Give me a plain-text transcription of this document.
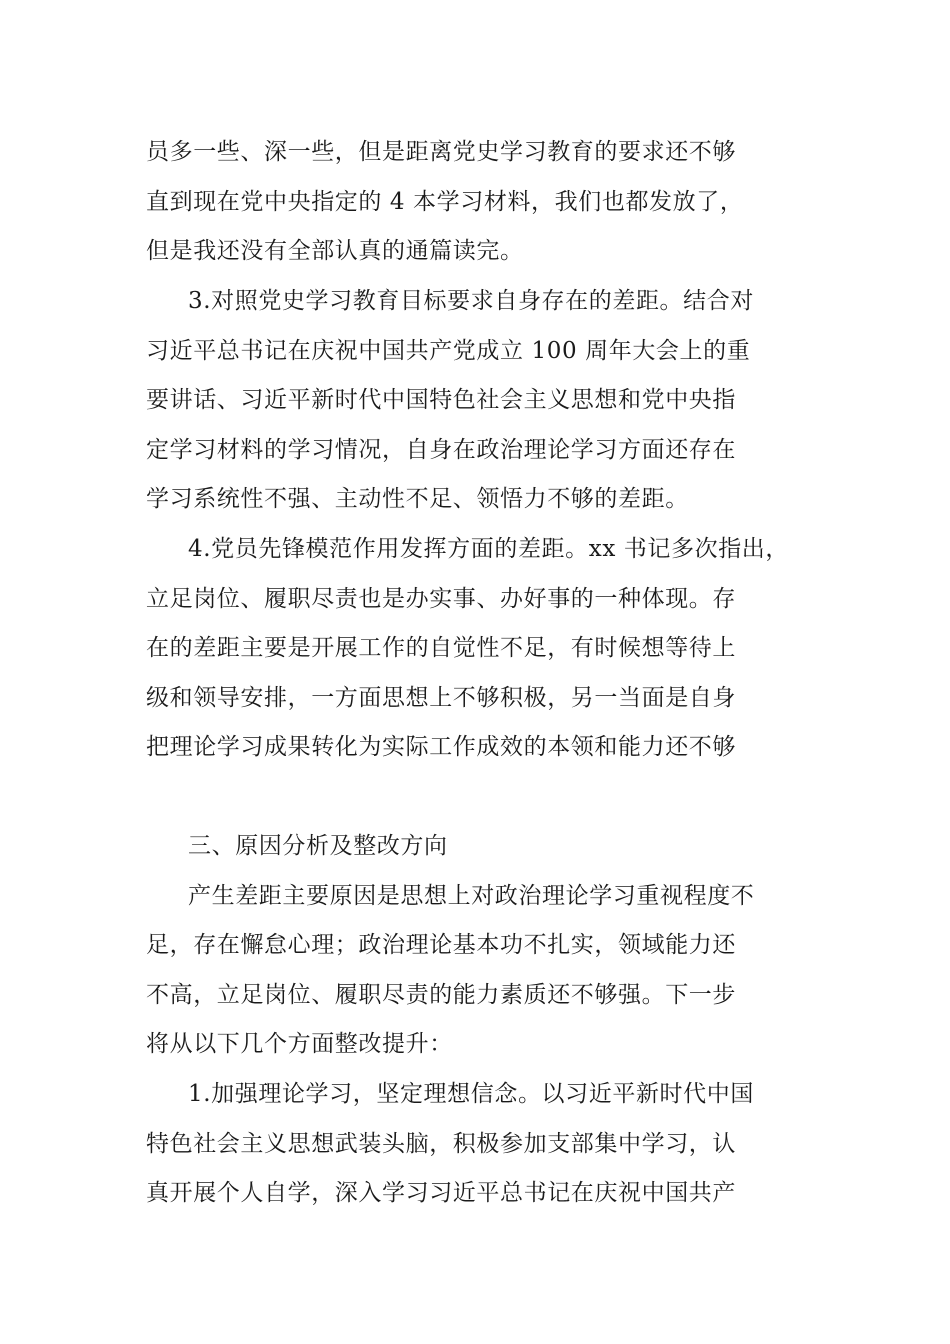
员多一些、深一些，但是距离党史学习教育的要求还不够
直到现在党中央指定的 4 本学习材料，我们也都发放了，
但是我还没有全部认真的通篇读完。
3.对照党史学习教育目标要求自身存在的差距。结合对
习近平总书记在庆祝中国共产党成立 100 周年大会上的重
要讲话、习近平新时代中国特色社会主义思想和党中央指
定学习材料的学习情况，自身在政治理论学习方面还存在
学习系统性不强、主动性不足、领悟力不够的差距。
4.党员先锋模范作用发挥方面的差距。xx 书记多次指出，
立足岗位、履职尽责也是办实事、办好事的一种体现。存
在的差距主要是开展工作的自觉性不足，有时候想等待上
级和领导安排，一方面思想上不够积极，另一当面是自身
把理论学习成果转化为实际工作成效的本领和能力还不够
三、原因分析及整改方向
产生差距主要原因是思想上对政治理论学习重视程度不
足，存在懈怠心理；政治理论基本功不扎实，领域能力还
不高，立足岗位、履职尽责的能力素质还不够强。下一步
将从以下几个方面整改提升：
1.加强理论学习，坚定理想信念。以习近平新时代中国
特色社会主义思想武装头脑，积极参加支部集中学习，认
真开展个人自学，深入学习习近平总书记在庆祝中国共产
